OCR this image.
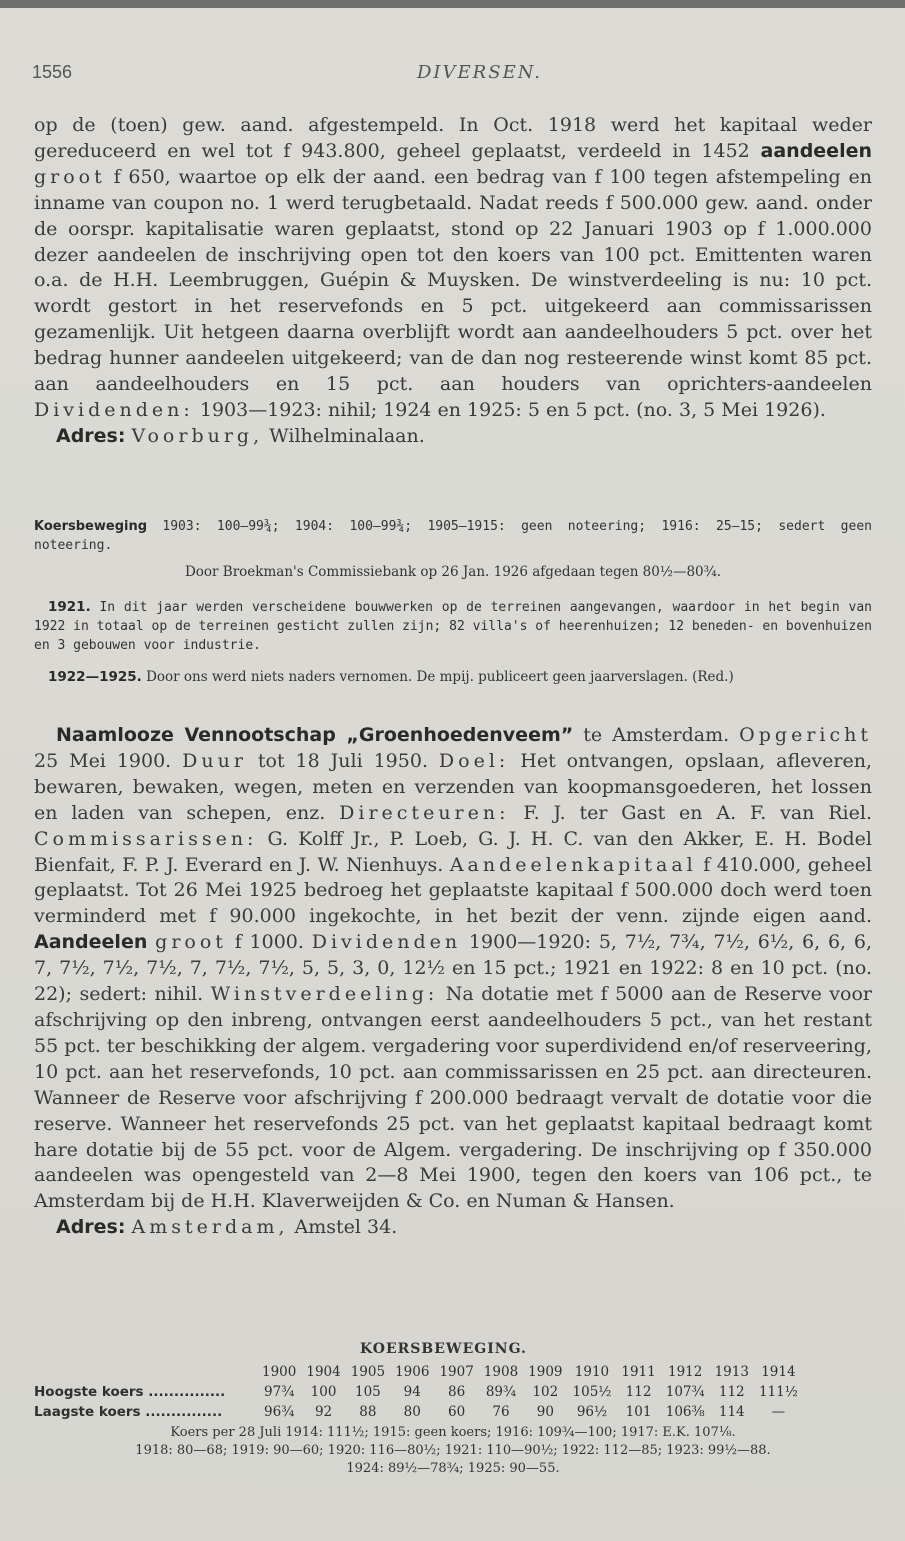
1556	DIVERSEN.
op de (toen) gew. aand. afgestempeld. In Oct. 1918 werd het kapitaal weder gereduceerd en wel tot f 943.800, geheel geplaatst, verdeeld in 1452 aandeelen groot f 650, waartoe op elk der aand. een bedrag van f 100 tegen afstempeling en inname van coupon no. 1 werd terugbetaald. Nadat reeds f 500.000 gew. aand. onder de oorspr. kapitalisatie waren geplaatst, stond op 22 Januari 1903 op f 1.000.000 dezer aandeelen de inschrijving open tot den koers van 100 pct. Emittenten waren o.a. de H.H. Leembruggen, Guépin & Muysken. De winstverdeeling is nu: 10 pct. wordt gestort in het reservefonds en 5 pct. uitgekeerd aan commissarissen gezamenlijk. Uit hetgeen daarna overblijft wordt aan aandeelhouders 5 pct. over het bedrag hunner aandeelen uitgekeerd; van de dan nog resteerende winst komt 85 pct. aan aandeelhouders en 15 pct. aan houders van oprichters-aandeelen Dividenden: 1903—1923: nihil; 1924 en 1925: 5 en 5 pct. (no. 3, 5 Mei 1926).
Adres: Voorburg, Wilhelminalaan.
Koersbeweging 1903: 100—99¾; 1904: 100—99¾; 1905—1915: geen noteering; 1916: 25—15; sedert geen noteering.
Door Broekman's Commissiebank op 26 Jan. 1926 afgedaan tegen 80½—80¾.
1921. In dit jaar werden verscheidene bouwwerken op de terreinen aangevangen, waardoor in het begin van 1922 in totaal op de terreinen gesticht zullen zijn; 82 villa's of heerenhuizen; 12 beneden- en bovenhuizen en 3 gebouwen voor industrie.
1922—1925. Door ons werd niets naders vernomen. De mpij. publiceert geen jaarverslagen. (Red.)
Naamlooze Vennootschap „Groenhoedenveem” te Amsterdam. Opgericht 25 Mei 1900. Duur tot 18 Juli 1950. Doel: Het ontvangen, opslaan, afleveren, bewaren, bewaken, wegen, meten en verzenden van koopmansgoederen, het lossen en laden van schepen, enz. Directeuren: F. J. ter Gast en A. F. van Riel. Commissarissen: G. Kolff Jr., P. Loeb, G. J. H. C. van den Akker, E. H. Bodel Bienfait, F. P. J. Everard en J. W. Nienhuys. Aandeelenkapitaal f 410.000, geheel geplaatst. Tot 26 Mei 1925 bedroeg het geplaatste kapitaal f 500.000 doch werd toen verminderd met f 90.000 ingekochte, in het bezit der venn. zijnde eigen aand. Aandeelen groot f 1000. Dividenden 1900—1920: 5, 7½, 7¾, 7½, 6½, 6, 6, 6, 7, 7½, 7½, 7½, 7, 7½, 7½, 5, 5, 3, 0, 12½ en 15 pct.; 1921 en 1922: 8 en 10 pct. (no. 22); sedert: nihil. Winstverdeeling: Na dotatie met f 5000 aan de Reserve voor afschrijving op den inbreng, ontvangen eerst aandeelhouders 5 pct., van het restant 55 pct. ter beschikking der algem. vergadering voor superdividend en/of reserveering, 10 pct. aan het reservefonds, 10 pct. aan commissarissen en 25 pct. aan directeuren. Wanneer de Reserve voor afschrijving f 200.000 bedraagt vervalt de dotatie voor die reserve. Wanneer het reservefonds 25 pct. van het geplaatst kapitaal bedraagt komt hare dotatie bij de 55 pct. voor de Algem. vergadering. De inschrijving op f 350.000 aandeelen was opengesteld van 2—8 Mei 1900, tegen den koers van 106 pct., te Amsterdam bij de H.H. Klaverweijden & Co. en Numan & Hansen.
Adres: Amsterdam, Amstel 34.
KOERSBEWEGING.
	1900	1904	1905	1906	1907	1908	1909	1910	1911	1912	1913	1914
Hoogste koers ...............	97¾	100	105	94	86	89¾	102	105½	112	107¾	112	111½
Laagste koers ...............	96¾	92	88	80	60	76	90	96½	101	106⅜	114	—
Koers per 28 Juli 1914: 111½; 1915: geen koers; 1916: 109¾—100; 1917: E.K. 107⅛.
1918: 80—68; 1919: 90—60; 1920: 116—80½; 1921: 110—90½; 1922: 112—85; 1923: 99½—88.
1924: 89½—78¾; 1925: 90—55.
